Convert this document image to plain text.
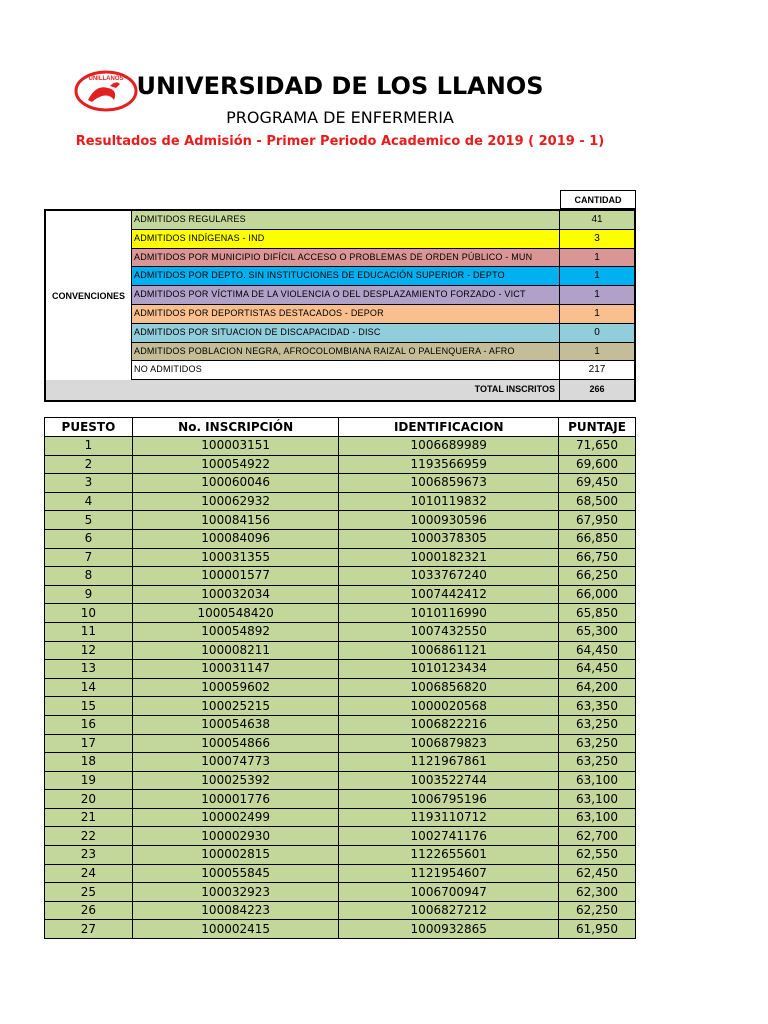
UNILLANOS UNIVERSIDAD DE LOS LLANOS
PROGRAMA DE ENFERMERIA
Resultados de Admisión - Primer Periodo Academico de 2019 ( 2019 - 1)
CANTIDAD
CONVENCIONES
ADMITIDOS REGULARES	41
ADMITIDOS INDÍGENAS - IND	3
ADMITIDOS POR MUNICIPIO DIFÍCIL ACCESO O PROBLEMAS DE ORDEN PÚBLICO - MUN	1
ADMITIDOS POR DEPTO. SIN INSTITUCIONES DE EDUCACIÓN SUPERIOR - DEPTO	1
ADMITIDOS POR VÍCTIMA DE LA VIOLENCIA O DEL DESPLAZAMIENTO FORZADO - VICT	1
ADMITIDOS POR DEPORTISTAS DESTACADOS - DEPOR	1
ADMITIDOS POR SITUACION DE DISCAPACIDAD - DISC	0
ADMITIDOS POBLACION NEGRA, AFROCOLOMBIANA RAIZAL O PALENQUERA - AFRO	1
NO ADMITIDOS	217
TOTAL INSCRITOS	266
PUESTO	No. INSCRIPCIÓN	IDENTIFICACION	PUNTAJE
1	100003151	1006689989	71,650
2	100054922	1193566959	69,600
3	100060046	1006859673	69,450
4	100062932	1010119832	68,500
5	100084156	1000930596	67,950
6	100084096	1000378305	66,850
7	100031355	1000182321	66,750
8	100001577	1033767240	66,250
9	100032034	1007442412	66,000
10	1000548420	1010116990	65,850
11	100054892	1007432550	65,300
12	100008211	1006861121	64,450
13	100031147	1010123434	64,450
14	100059602	1006856820	64,200
15	100025215	1000020568	63,350
16	100054638	1006822216	63,250
17	100054866	1006879823	63,250
18	100074773	1121967861	63,250
19	100025392	1003522744	63,100
20	100001776	1006795196	63,100
21	100002499	1193110712	63,100
22	100002930	1002741176	62,700
23	100002815	1122655601	62,550
24	100055845	1121954607	62,450
25	100032923	1006700947	62,300
26	100084223	1006827212	62,250
27	100002415	1000932865	61,950
